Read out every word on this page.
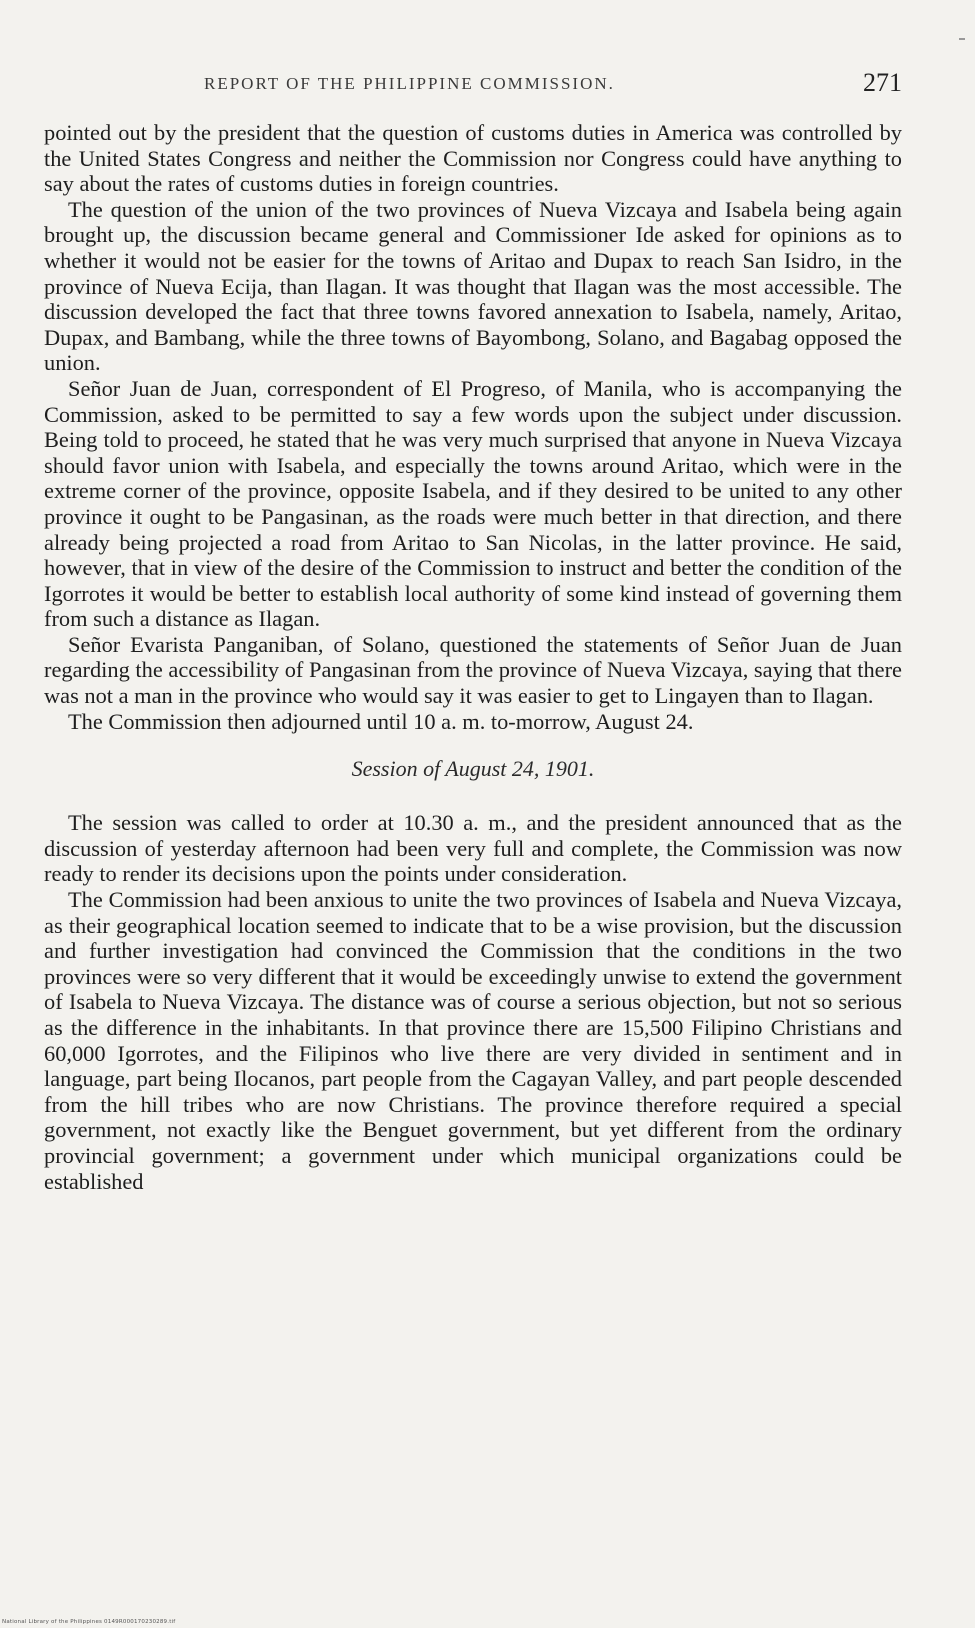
REPORT OF THE PHILIPPINE COMMISSION.	271

pointed out by the president that the question of customs duties in America was controlled by the United States Congress and neither the Commission nor Congress could have anything to say about the rates of customs duties in foreign countries.

The question of the union of the two provinces of Nueva Vizcaya and Isabela being again brought up, the discussion became general and Commissioner Ide asked for opinions as to whether it would not be easier for the towns of Aritao and Dupax to reach San Isidro, in the province of Nueva Ecija, than Ilagan. It was thought that Ilagan was the most accessible. The discussion developed the fact that three towns favored annexation to Isabela, namely, Aritao, Dupax, and Bambang, while the three towns of Bayombong, Solano, and Bagabag opposed the union.

Señor Juan de Juan, correspondent of El Progreso, of Manila, who is accompanying the Commission, asked to be permitted to say a few words upon the subject under discussion. Being told to proceed, he stated that he was very much surprised that anyone in Nueva Vizcaya should favor union with Isabela, and especially the towns around Aritao, which were in the extreme corner of the province, opposite Isabela, and if they desired to be united to any other province it ought to be Pangasinan, as the roads were much better in that direction, and there already being projected a road from Aritao to San Nicolas, in the latter province. He said, however, that in view of the desire of the Commission to instruct and better the condition of the Igorrotes it would be better to establish local authority of some kind instead of governing them from such a distance as Ilagan.

Señor Evarista Panganiban, of Solano, questioned the statements of Señor Juan de Juan regarding the accessibility of Pangasinan from the province of Nueva Vizcaya, saying that there was not a man in the province who would say it was easier to get to Lingayen than to Ilagan.

The Commission then adjourned until 10 a. m. to-morrow, August 24.

Session of August 24, 1901.

The session was called to order at 10.30 a. m., and the president announced that as the discussion of yesterday afternoon had been very full and complete, the Commission was now ready to render its decisions upon the points under consideration.

The Commission had been anxious to unite the two provinces of Isabela and Nueva Vizcaya, as their geographical location seemed to indicate that to be a wise provision, but the discussion and further investigation had convinced the Commission that the conditions in the two provinces were so very different that it would be exceedingly unwise to extend the government of Isabela to Nueva Vizcaya. The distance was of course a serious objection, but not so serious as the difference in the inhabitants. In that province there are 15,500 Filipino Christians and 60,000 Igorrotes, and the Filipinos who live there are very divided in sentiment and in language, part being Ilocanos, part people from the Cagayan Valley, and part people descended from the hill tribes who are now Christians. The province therefore required a special government, not exactly like the Benguet government, but yet different from the ordinary provincial government; a government under which municipal organizations could be established

National Library of the Philippines 0149R000170230289.tif
